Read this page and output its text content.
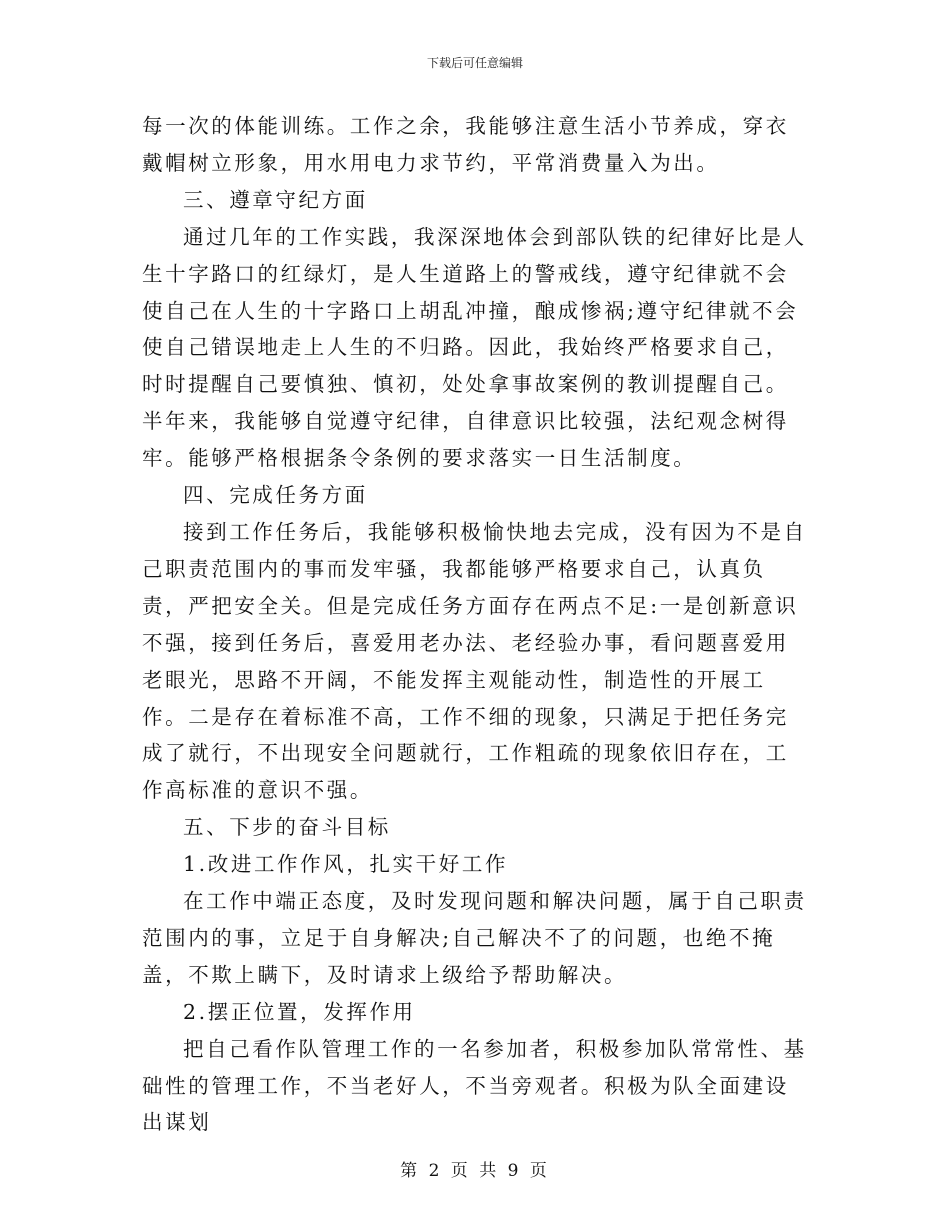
下载后可任意编辑

每一次的体能训练。工作之余，我能够注意生活小节养成，穿衣戴帽树立形象，用水用电力求节约，平常消费量入为出。

三、遵章守纪方面

通过几年的工作实践，我深深地体会到部队铁的纪律好比是人生十字路口的红绿灯，是人生道路上的警戒线，遵守纪律就不会使自己在人生的十字路口上胡乱冲撞，酿成惨祸;遵守纪律就不会使自己错误地走上人生的不归路。因此，我始终严格要求自己，时时提醒自己要慎独、慎初，处处拿事故案例的教训提醒自己。半年来，我能够自觉遵守纪律，自律意识比较强，法纪观念树得牢。能够严格根据条令条例的要求落实一日生活制度。

四、完成任务方面

接到工作任务后，我能够积极愉快地去完成，没有因为不是自己职责范围内的事而发牢骚，我都能够严格要求自己，认真负责，严把安全关。但是完成任务方面存在两点不足:一是创新意识不强，接到任务后，喜爱用老办法、老经验办事，看问题喜爱用老眼光，思路不开阔，不能发挥主观能动性，制造性的开展工作。二是存在着标准不高，工作不细的现象，只满足于把任务完成了就行，不出现安全问题就行，工作粗疏的现象依旧存在，工作高标准的意识不强。

五、下步的奋斗目标

1.改进工作作风，扎实干好工作

在工作中端正态度，及时发现问题和解决问题，属于自己职责范围内的事，立足于自身解决;自己解决不了的问题，也绝不掩盖，不欺上瞒下，及时请求上级给予帮助解决。

2.摆正位置，发挥作用

把自己看作队管理工作的一名参加者，积极参加队常常性、基础性的管理工作，不当老好人，不当旁观者。积极为队全面建设出谋划

第 2 页 共 9 页
